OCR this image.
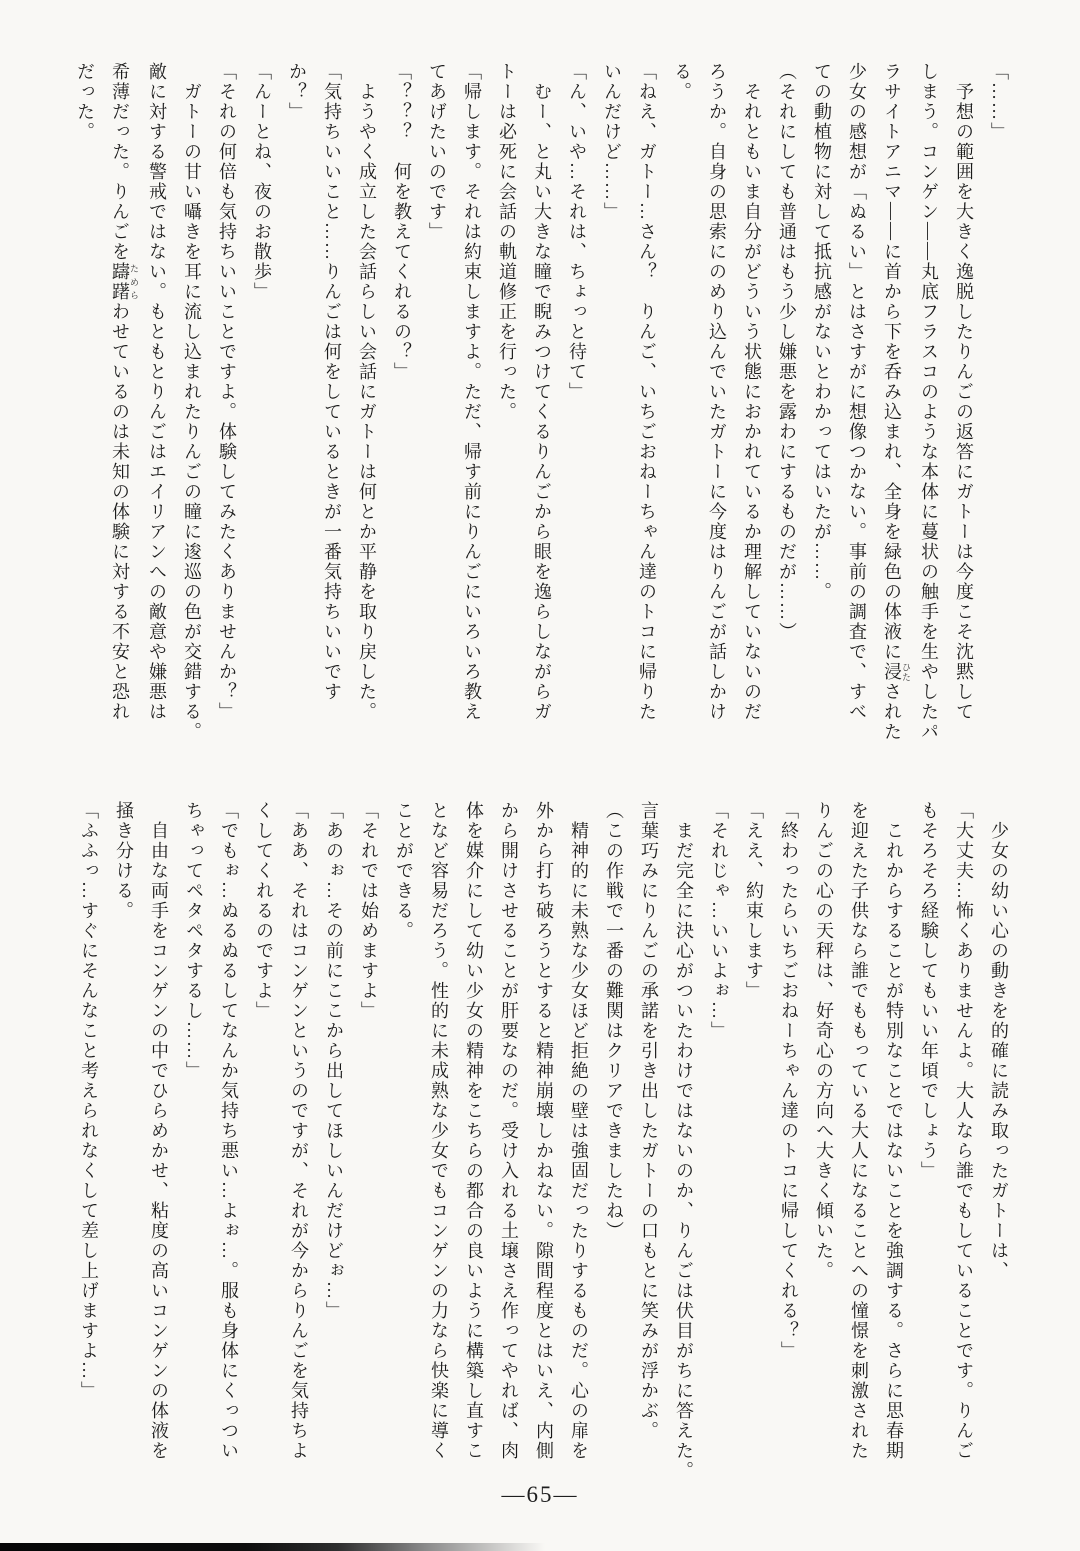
「……」

予想の範囲を大きく逸脱したりんごの返答にガトーは今度こそ沈黙して

しまう。コンゲン――丸底フラスコのような本体に蔓状の触手を生やしたパ

ラサイトアニマ――に首から下を呑み込まれ、全身を緑色の体液に浸 ひたされた

少女の感想が「ぬるい」とはさすがに想像つかない。事前の調査で、すべ

ての動植物に対して抵抗感がないとわかってはいたが……。

（それにしても普通はもう少し嫌悪を露わにするものだが……）

それともいま自分がどういう状態におかれているか理解していないのだ

ろうか。自身の思索にのめり込んでいたガトーに今度はりんごが話しかけ

る。

「ねえ、ガトー…さん？　りんご、いちごおねーちゃん達のトコに帰りた

いんだけど……」

「ん、いや…それは、ちょっと待て」

むー、と丸い大きな瞳で睨みつけてくるりんごから眼を逸らしながらガ

トーは必死に会話の軌道修正を行った。

「帰します。それは約束しますよ。ただ、帰す前にりんごにいろいろ教え

てあげたいのです」

「？？？　何を教えてくれるの？」

ようやく成立した会話らしい会話にガトーは何とか平静を取り戻した。

「気持ちいいこと……りんごは何をしているときが一番気持ちいいです

か？」

「んーとね、夜のお散歩」

「それの何倍も気持ちいいことですよ。体験してみたくありませんか？」

ガトーの甘い囁きを耳に流し込まれたりんごの瞳に逡巡の色が交錯する。

敵に対する警戒ではない。もともとりんごはエイリアンへの敵意や嫌悪は

希薄だった。りんごを躊躇 ためらわせているのは未知の体験に対する不安と恐れ

だった。

少女の幼い心の動きを的確に読み取ったガトーは、

「大丈夫…怖くありませんよ。大人なら誰でもしていることです。りんご

もそろそろ経験してもいい年頃でしょう」

これからすることが特別なことではないことを強調する。さらに思春期

を迎えた子供なら誰でももっている大人になることへの憧憬を刺激された

りんごの心の天秤は、好奇心の方向へ大きく傾いた。

「終わったらいちごおねーちゃん達のトコに帰してくれる？」

「ええ、約束します」

「それじゃ…いいよぉ…」

まだ完全に決心がついたわけではないのか、りんごは伏目がちに答えた。

言葉巧みにりんごの承諾を引き出したガトーの口もとに笑みが浮かぶ。

（この作戦で一番の難関はクリアできましたね）

精神的に未熟な少女ほど拒絶の壁は強固だったりするものだ。心の扉を

外から打ち破ろうとすると精神崩壊しかねない。隙間程度とはいえ、内側

から開けさせることが肝要なのだ。受け入れる土壌さえ作ってやれば、肉

体を媒介にして幼い少女の精神をこちらの都合の良いように構築し直すこ

となど容易だろう。性的に未成熟な少女でもコンゲンの力なら快楽に導く

ことができる。

「それでは始めますよ」

「あのぉ…その前にここから出してほしいんだけどぉ…」

「ああ、それはコンゲンというのですが、それが今からりんごを気持ちよ

くしてくれるのですよ」

「でもぉ…ぬるぬるしてなんか気持ち悪い…よぉ…。服も身体にくっつい

ちゃってペタペタするし……」

自由な両手をコンゲンの中でひらめかせ、粘度の高いコンゲンの体液を

掻き分ける。

「ふふっ…すぐにそんなこと考えられなくして差し上げますよ…」

―65―
